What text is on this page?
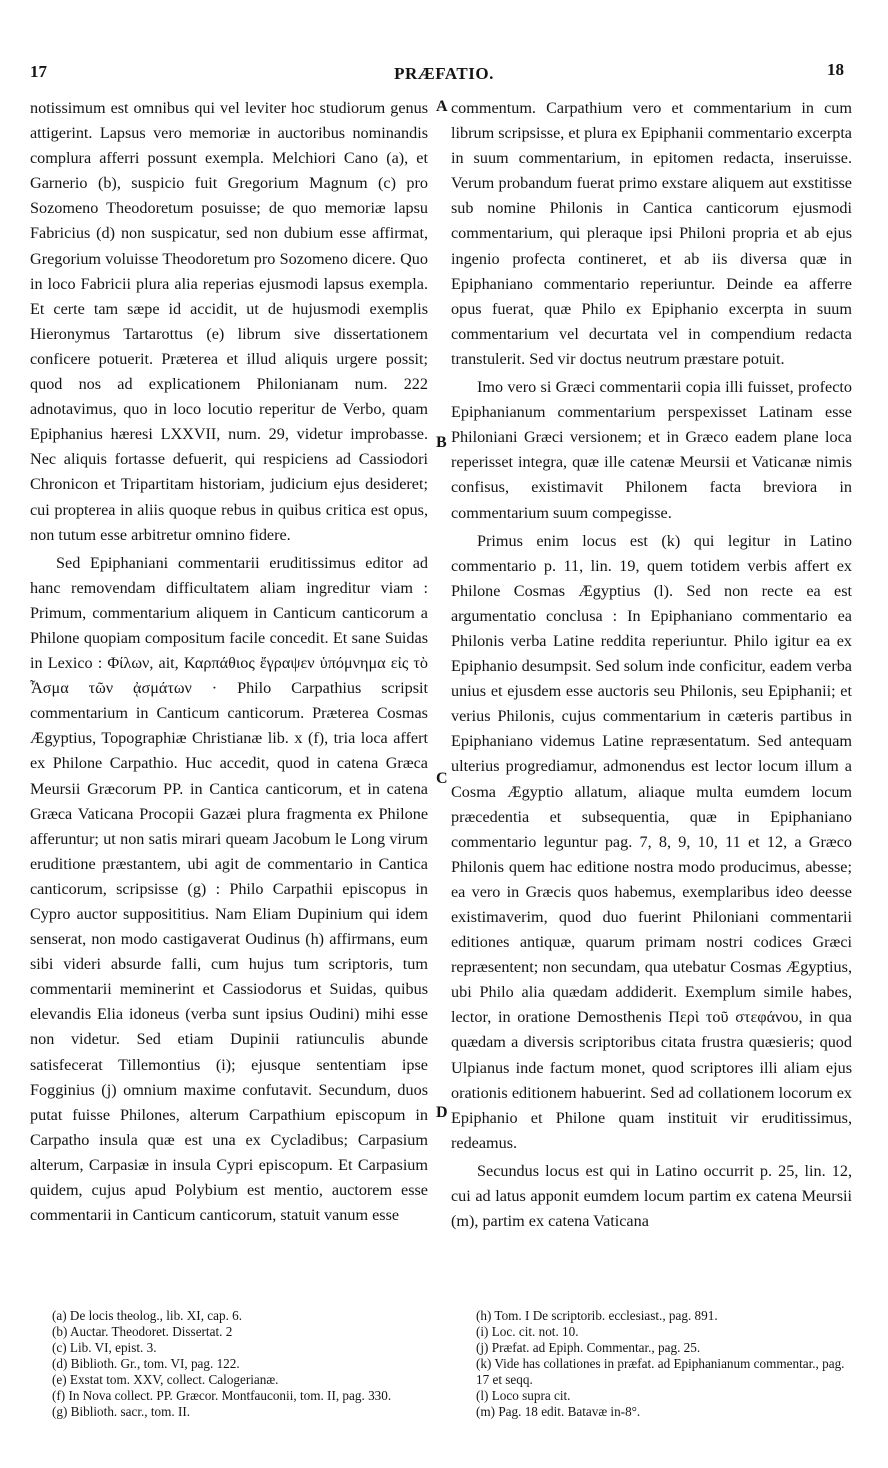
17	PRÆFATIO.	18
A
B
C
D

notissimum est omnibus qui vel leviter hoc studiorum genus attigerint. Lapsus vero memoriæ in auctoribus nominandis complura afferri possunt exempla. Melchiori Cano (a), et Garnerio (b), suspicio fuit Gregorium Magnum (c) pro Sozomeno Theodoretum posuisse; de quo memoriæ lapsu Fabricius (d) non suspicatur, sed non dubium esse affirmat, Gregorium voluisse Theodoretum pro Sozomeno dicere. Quo in loco Fabricii plura alia reperias ejusmodi lapsus exempla. Et certe tam sæpe id accidit, ut de hujusmodi exemplis Hieronymus Tartarottus (e) librum sive dissertationem conficere potuerit. Præterea et illud aliquis urgere possit; quod nos ad explicationem Philonianam num. 222 adnotavimus, quo in loco locutio reperitur de Verbo, quam Epiphanius hæresi LXXVII, num. 29, videtur improbasse. Nec aliquis fortasse defuerit, qui respiciens ad Cassiodori Chronicon et Tripartitam historiam, judicium ejus desideret; cui propterea in aliis quoque rebus in quibus critica est opus, non tutum esse arbitretur omnino fidere.

Sed Epiphaniani commentarii eruditissimus editor ad hanc removendam difficultatem aliam ingreditur viam : Primum, commentarium aliquem in Canticum canticorum a Philone quopiam compositum facile concedit. Et sane Suidas in Lexico : Φίλων, ait, Καρπάθιος ἔγραψεν ὑπόμνημα εἰς τὸ Ἆσμα τῶν ᾀσμάτων · Philo Carpathius scripsit commentarium in Canticum canticorum. Præterea Cosmas Ægyptius, Topographiæ Christianæ lib. x (f), tria loca affert ex Philone Carpathio. Huc accedit, quod in catena Græca Meursii Græcorum PP. in Cantica canticorum, et in catena Græca Vaticana Procopii Gazæi plura fragmenta ex Philone afferuntur; ut non satis mirari queam Jacobum le Long virum eruditione præstantem, ubi agit de commentario in Cantica canticorum, scripsisse (g) : Philo Carpathii episcopus in Cypro auctor supposititius. Nam Eliam Dupinium qui idem senserat, non modo castigaverat Oudinus (h) affirmans, eum sibi videri absurde falli, cum hujus tum scriptoris, tum commentarii meminerint et Cassiodorus et Suidas, quibus elevandis Elia idoneus (verba sunt ipsius Oudini) mihi esse non videtur. Sed etiam Dupinii ratiunculis abunde satisfecerat Tillemontius (i); ejusque sententiam ipse Fogginius (j) omnium maxime confutavit. Secundum, duos putat fuisse Philones, alterum Carpathium episcopum in Carpatho insula quæ est una ex Cycladibus; Carpasium alterum, Carpasiæ in insula Cypri episcopum. Et Carpasium quidem, cujus apud Polybium est mentio, auctorem esse commentarii in Canticum canticorum, statuit vanum esse

commentum. Carpathium vero et commentarium in cum librum scripsisse, et plura ex Epiphanii commentario excerpta in suum commentarium, in epitomen redacta, inseruisse. Verum probandum fuerat primo exstare aliquem aut exstitisse sub nomine Philonis in Cantica canticorum ejusmodi commentarium, qui pleraque ipsi Philoni propria et ab ejus ingenio profecta contineret, et ab iis diversa quæ in Epiphaniano commentario reperiuntur. Deinde ea afferre opus fuerat, quæ Philo ex Epiphanio excerpta in suum commentarium vel decurtata vel in compendium redacta transtulerit. Sed vir doctus neutrum præstare potuit.

Imo vero si Græci commentarii copia illi fuisset, profecto Epiphanianum commentarium perspexisset Latinam esse Philoniani Græci versionem; et in Græco eadem plane loca reperisset integra, quæ ille catenæ Meursii et Vaticanæ nimis confisus, existimavit Philonem facta breviora in commentarium suum compegisse.

Primus enim locus est (k) qui legitur in Latino commentario p. 11, lin. 19, quem totidem verbis affert ex Philone Cosmas Ægyptius (l). Sed non recte ea est argumentatio conclusa : In Epiphaniano commentario ea Philonis verba Latine reddita reperiuntur. Philo igitur ea ex Epiphanio desumpsit. Sed solum inde conficitur, eadem verba unius et ejusdem esse auctoris seu Philonis, seu Epiphanii; et verius Philonis, cujus commentarium in cæteris partibus in Epiphaniano videmus Latine repræsentatum. Sed antequam ulterius progrediamur, admonendus est lector locum illum a Cosma Ægyptio allatum, aliaque multa eumdem locum præcedentia et subsequentia, quæ in Epiphaniano commentario leguntur pag. 7, 8, 9, 10, 11 et 12, a Græco Philonis quem hac editione nostra modo producimus, abesse; ea vero in Græcis quos habemus, exemplaribus ideo deesse existimaverim, quod duo fuerint Philoniani commentarii editiones antiquæ, quarum primam nostri codices Græci repræsentent; non secundam, qua utebatur Cosmas Ægyptius, ubi Philo alia quædam addiderit. Exemplum simile habes, lector, in oratione Demosthenis Περὶ τοῦ στεφάνου, in qua quædam a diversis scriptoribus citata frustra quæsieris; quod Ulpianus inde factum monet, quod scriptores illi aliam ejus orationis editionem habuerint. Sed ad collationem locorum ex Epiphanio et Philone quam instituit vir eruditissimus, redeamus.

Secundus locus est qui in Latino occurrit p. 25, lin. 12, cui ad latus apponit eumdem locum partim ex catena Meursii (m), partim ex catena Vaticana

(a) De locis theolog., lib. XI, cap. 6.
(b) Auctar. Theodoret. Dissertat. 2
(c) Lib. VI, epist. 3.
(d) Biblioth. Gr., tom. VI, pag. 122.
(e) Exstat tom. XXV, collect. Calogerianæ.
(f) In Nova collect. PP. Græcor. Montfauconii, tom. II, pag. 330.
(g) Biblioth. sacr., tom. II.
(h) Tom. I De scriptorib. ecclesiast., pag. 891.
(i) Loc. cit. not. 10.
(j) Præfat. ad Epiph. Commentar., pag. 25.
(k) Vide has collationes in præfat. ad Epiphanianum commentar., pag. 17 et seqq.
(l) Loco supra cit.
(m) Pag. 18 edit. Batavæ in-8°.
